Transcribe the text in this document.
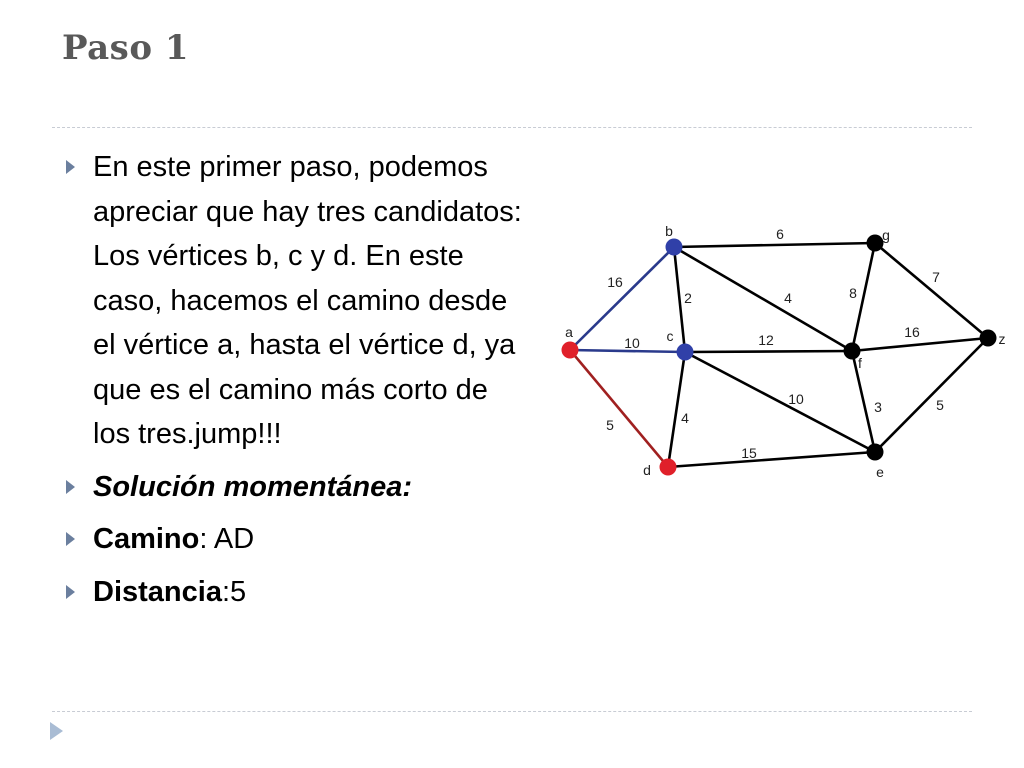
Paso 1
En este primer paso, podemos apreciar que hay tres candidatos: Los vértices b, c y d. En este caso, hacemos el camino desde el vértice a, hasta el vértice d, ya que es el camino más corto de los tres.jump!!!
Solución momentánea:
Camino: AD
Distancia:5
16
10
5
6
2	4
12
10
4
15
8
7
16
3	5
a
b
c
d	e
f
g
z
